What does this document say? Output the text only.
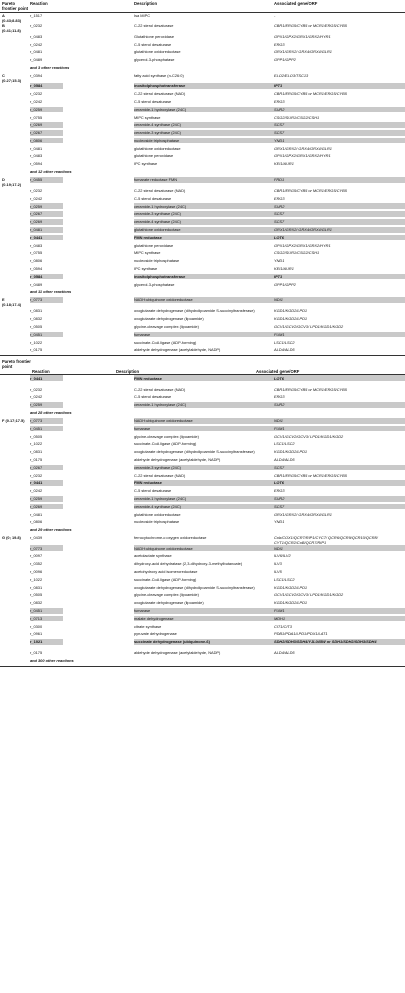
Pareto frontier point
Reaction	Description	Associated gene/ORF
A
(0.43;8.83)
r_1517	Isa MIPC	-
B
(0.41;11.8)
r_0232	C-22 sterol desaturase	CBR1/ERG5/CYB5 or MCR1/ERG5/CYB5
r_0483	Glutathione peroxidase	GPX1/GPX2/GRX1/GRX2/HYR1
r_0242	C-5 sterol desaturase	ERG3
r_0481	glutathione oxidoreductase	GRX1/GRX2/ GRX4/GRX4/GLR1
r_0489	glycerol-3-phosphatase	GPP1/GPP2
and 3 other reactions
C
(0.27;15.3)
r_0394	fatty acid synthase (n-C26:0)	ELO2/ELO3/TSC13
r_0584	inositolphosphotransferase	IPT1
r_0232	C-22 sterol desaturase (NAD)	CBR1/ERG5/CYB5 or MCR1/ERG5/CYB5
r_0242	C-5 sterol desaturase	ERG3
r_0259	ceramide-1 hydroxylase (24C)	SUR2
r_0755	MIPC synthase	CSG2/SUR1/CSG2/CSH1
r_0269	ceramide-4 synthase (24C)	SCS7
r_0267	ceramide-3 synthase (24C)	SCS7
r_0806	nucleoside triphosphatase	YND1
r_0481	glutathione oxidoreductase	GRX1/GRX2/ GRX4/GRX4/GLR1
r_0483	glutathione peroxidase	GPX1/GPX2/GRX1/GRX2/HYR1
r_0594	IPC synthase	KEI1/AUR1
and 12 other reactions
D
(0.19;17.2)
r_0455	fumarate reductase FMN	FRD1
r_0232	C-22 sterol desaturase (NAD)	CBR1/ERG5/CYB5 or MCR1/ERG5/CYB5
r_0242	C-5 sterol desaturase	ERG3
r_0259	ceramide-1 hydroxylase (24C)	SUR2
r_0267	ceramide-3 synthase (24C)	SCS7
r_0269	ceramide-4 synthase (24C)	SCS7
r_0481	glutathione oxidoreductase	GRX1/GRX2/ GRX4/GRX4/GLR1
r_0441	FMN reductase	LOT6
r_0483	glutathione peroxidase	GPX1/GPX2/GRX1/GRX2/HYR1
r_0755	MIPC synthase	CSG2/SUR1/CSG2/CSH1
r_0806	nucleoside triphosphatase	YND1
r_0594	IPC synthase	KEI1/AUR1
r_0584	inositolphosphotransferase	IPT1
r_0489	glycerol-3-phosphatase	GPP1/GPP2
and 11 other reactions
E
(0.18;17.4)
r_0773	NADH:ubiquinone oxidoreductase	NDI1
r_0831	oxoglutarate dehydrogenase (dihydrolipoamide S-succinyltransferase)	KGD1/KGD2/LPD1
r_0832	oxoglutarate dehydrogenase (lipoamide)	KGD1/KGD2/LPD1
r_0505	glycine-cleavage complex (lipoamide)	GCV1/GCV2/GCV3/ LPD1/KGD1/KGD2
r_0451	fumarase	FUM1
r_1022	succinate-CoA ligase (ADP-forming)	LSC1/LSC2
r_0175	aldehyde dehydrogenase (acetylaldehyde, NADP)	ALD4/ALD5
Pareto frontier point
Reaction	Description	Associated gene/ORF
r_0441	FMN reductase	LOT6
r_0232	C-22 sterol desaturase (NAD)	CBR1/ERG5/CYB5 or MCR1/ERG5/CYB5
r_0242	C-5 sterol desaturase	ERG3
r_0259	ceramide-1 hydroxylase (24C)	SUR2
and 28 other reactions
F (0.17;17.5)	r_0773	NADH:ubiquinone oxidoreductase	NDI1
r_0451	fumarase	FUM1
r_0505	glycine-cleavage complex (lipoamide)	GCV1/GCV2/GCV3/ LPD1/KGD1/KGD2
r_1022	succinate-CoA ligase (ADP-forming)	LSC1/LSC2
r_0831	oxoglutarate dehydrogenase (dihydrolipoamide S-succinyltransferase)	KGD1/KGD2/LPD1
r_0175	aldehyde dehydrogenase (acetylaldehyde, NADP)	ALD4/ALD5
r_0267	ceramide-3 synthase (24C)	SCS7
r_0232	C-22 sterol desaturase (NAD)	CBR1/ERG5/CYB5 or MCR1/ERG5/CYB5
r_0441	FMN reductase	LOT6
r_0242	C-5 sterol desaturase	ERG3
r_0259	ceramide-1 hydroxylase (24C)	SUR2
r_0269	ceramide-4 synthase (24C)	SCS7
r_0481	glutathione oxidoreductase	GRX1/GRX2/ GRX4/GRX4/GLR1
r_0806	nucleoside triphosphatase	YND1
and 29 other reactions
G (0; 19.8)	r_0439	ferrocytochrome-c:oxygen oxidoreductase	Cob/COX1/QCR7/RIP1/CYC7/ QCR6/QCR9/QCR10/QCR8/ CYT1/QCR2/CoB/QCR7/RIP1
r_0773	NADH:ubiquinone oxidoreductase	NDI1
r_0097	acetolactate synthase	ILV6/ILV2
r_0352	dihydroxy-acid dehydratase (2,3-dihydroxy-3-methylbutanoate)	ILV3
r_0096	acetohydroxy acid isomeroreductase	ILV5
r_1022	succinate-CoA ligase (ADP-forming)	LSC1/LSC2
r_0831	oxoglutarate dehydrogenase (dihydrolipoamide S-succinyltransferase)	KGD1/KGD2/LPD1
r_0505	glycine-cleavage complex (lipoamide)	GCV1/GCV2/GCV3/ LPD1/KGD1/KGD2
r_0832	oxoglutarate dehydrogenase (lipoamide)	KGD1/KGD2/LPD1
r_0451	fumarase	FUM1
r_0713	malate dehydrogenase	MDH1
r_0300	citrate synthase	CIT1/CIT3
r_0961	pyruvate dehydrogenase	PDB1/PDA1/LPD1/PDX1/LAT1
r_1021	succinate dehydrogenase (ubiquinone-6)	SDH2/SDH3/SDH4/YJL045W or SDH1/SDH2/SDH3/SDH4
r_0175	aldehyde dehydrogenase (acetylaldehyde, NADP)	ALD4/ALD5
and 300 other reactions
